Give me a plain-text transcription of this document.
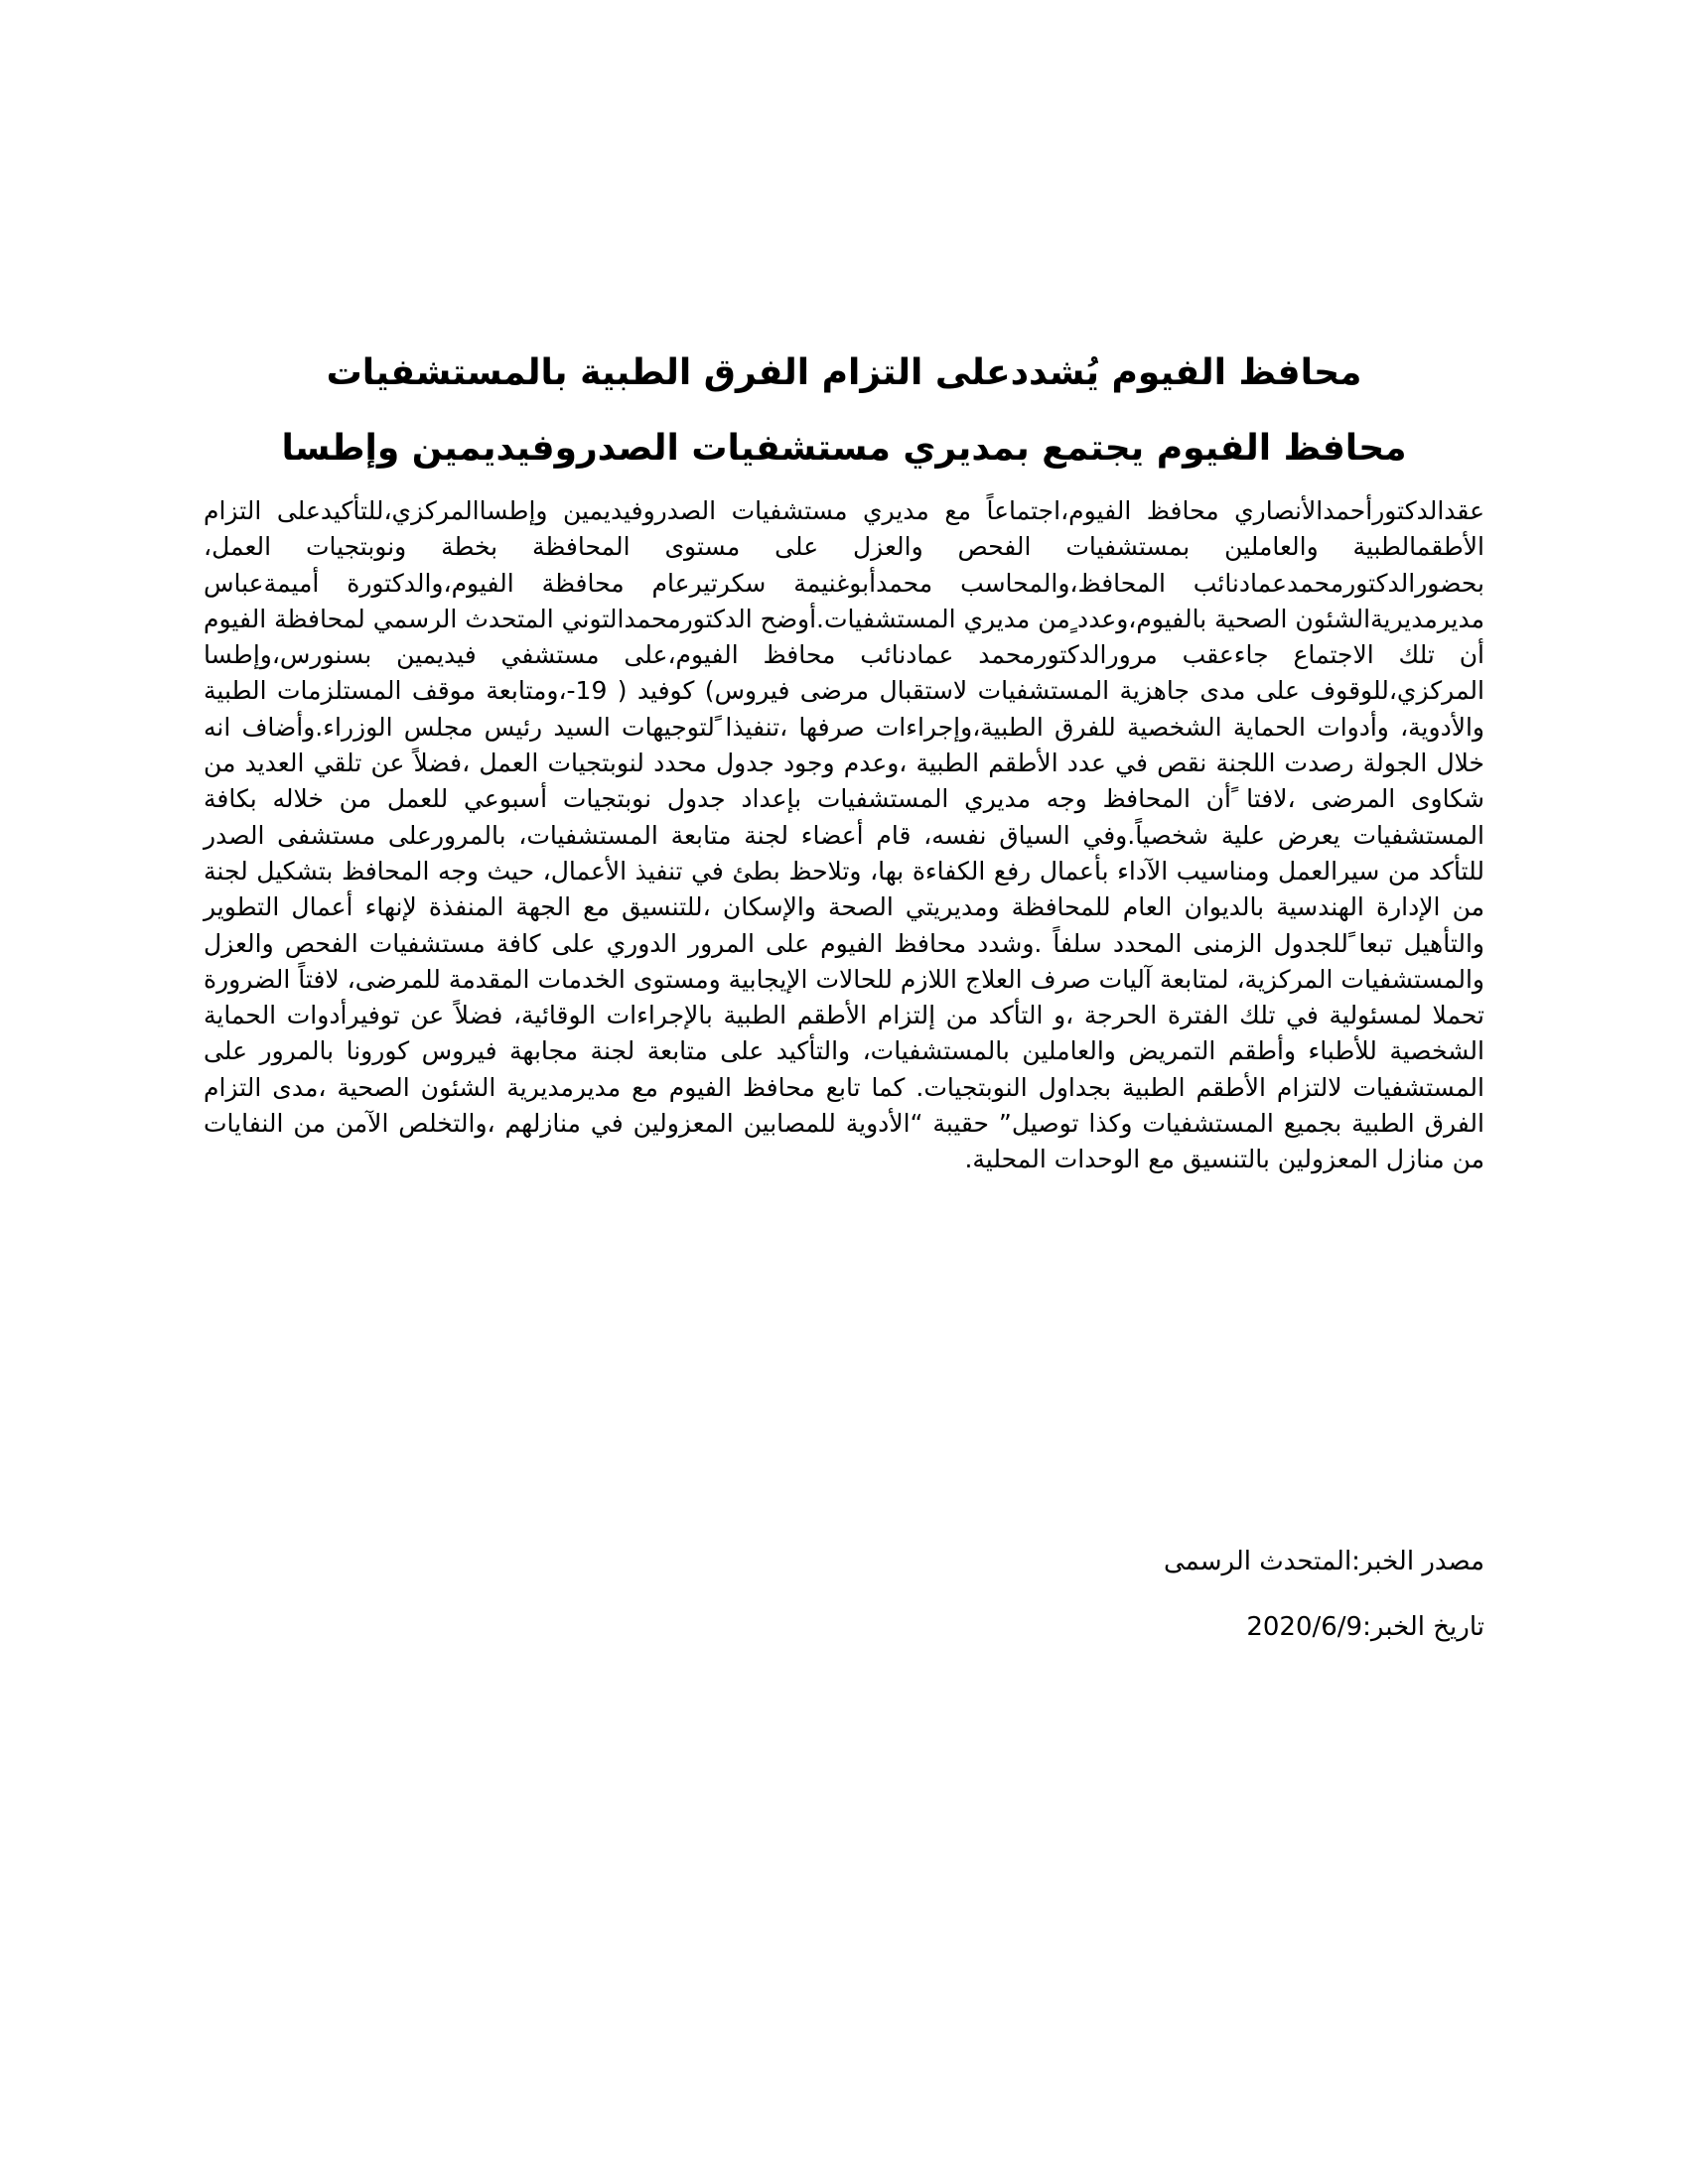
محافظ الفيوم يُشددعلى التزام الفرق الطبية بالمستشفيات
محافظ الفيوم يجتمع بمديري مستشفيات الصدروفيديمين وإطسا

عقدالدكتورأحمدالأنصاري محافظ الفيوم،اجتماعاً مع مديري مستشفيات الصدروفيديمين وإطساالمركزي،للتأكيدعلى التزام الأطقمالطبية والعاملين بمستشفيات الفحص والعزل على مستوى المحافظة بخطة ونوبتجيات العمل، بحضورالدكتورمحمدعمادنائب المحافظ،والمحاسب محمدأبوغنيمة سكرتيرعام محافظة الفيوم،والدكتورة أميمةعباس مديرمديريةالشئون الصحية بالفيوم،وعدد ٍمن مديري المستشفيات.أوضح الدكتورمحمدالتوني المتحدث الرسمي لمحافظة الفيوم أن تلك الاجتماع جاءعقب مرورالدكتورمحمد عمادنائب محافظ الفيوم،على مستشفي فيديمين بسنورس،وإطسا المركزي،للوقوف على مدى جاهزية المستشفيات لاستقبال مرضى فيروس) كوفيد ( 19-،ومتابعة موقف المستلزمات الطبية والأدوية، وأدوات الحماية الشخصية للفرق الطبية،وإجراءات صرفها ،تنفيذا ًلتوجيهات السيد رئيس مجلس الوزراء.وأضاف انه خلال الجولة رصدت اللجنة نقص في عدد الأطقم الطبية ،وعدم وجود جدول محدد لنوبتجيات العمل ،فضلاً عن تلقي العديد من شكاوى المرضى ،لافتا ًأن المحافظ وجه مديري المستشفيات بإعداد جدول نوبتجيات أسبوعي للعمل من خلاله بكافة المستشفيات يعرض علية شخصياً.وفي السياق نفسه، قام أعضاء لجنة متابعة المستشفيات، بالمرورعلى مستشفى الصدر للتأكد من سيرالعمل ومناسيب الآداء بأعمال رفع الكفاءة بها، وتلاحظ بطئ في تنفيذ الأعمال، حيث وجه المحافظ بتشكيل لجنة من الإدارة الهندسية بالديوان العام للمحافظة ومديريتي الصحة والإسكان ،للتنسيق مع الجهة المنفذة لإنهاء أعمال التطوير والتأهيل تبعا ًللجدول الزمنى المحدد سلفاً .وشدد محافظ الفيوم على المرور الدوري على كافة مستشفيات الفحص والعزل والمستشفيات المركزية، لمتابعة آليات صرف العلاج اللازم للحالات الإيجابية ومستوى الخدمات المقدمة للمرضى، لافتاً الضرورة تحملا لمسئولية في تلك الفترة الحرجة ،و التأكد من إلتزام الأطقم الطبية بالإجراءات الوقائية، فضلاً عن توفيرأدوات الحماية الشخصية للأطباء وأطقم التمريض والعاملين بالمستشفيات، والتأكيد على متابعة لجنة مجابهة فيروس كورونا بالمرور على المستشفيات لالتزام الأطقم الطبية بجداول النوبتجيات. كما تابع محافظ الفيوم مع مديرمديرية الشئون الصحية ،مدى التزام الفرق الطبية بجميع المستشفيات وكذا توصيل” حقيبة “الأدوية للمصابين المعزولين في منازلهم ،والتخلص الآمن من النفايات من منازل المعزولين بالتنسيق مع الوحدات المحلية.

مصدر الخبر:المتحدث الرسمى

تاريخ الخبر:2020/6/9
